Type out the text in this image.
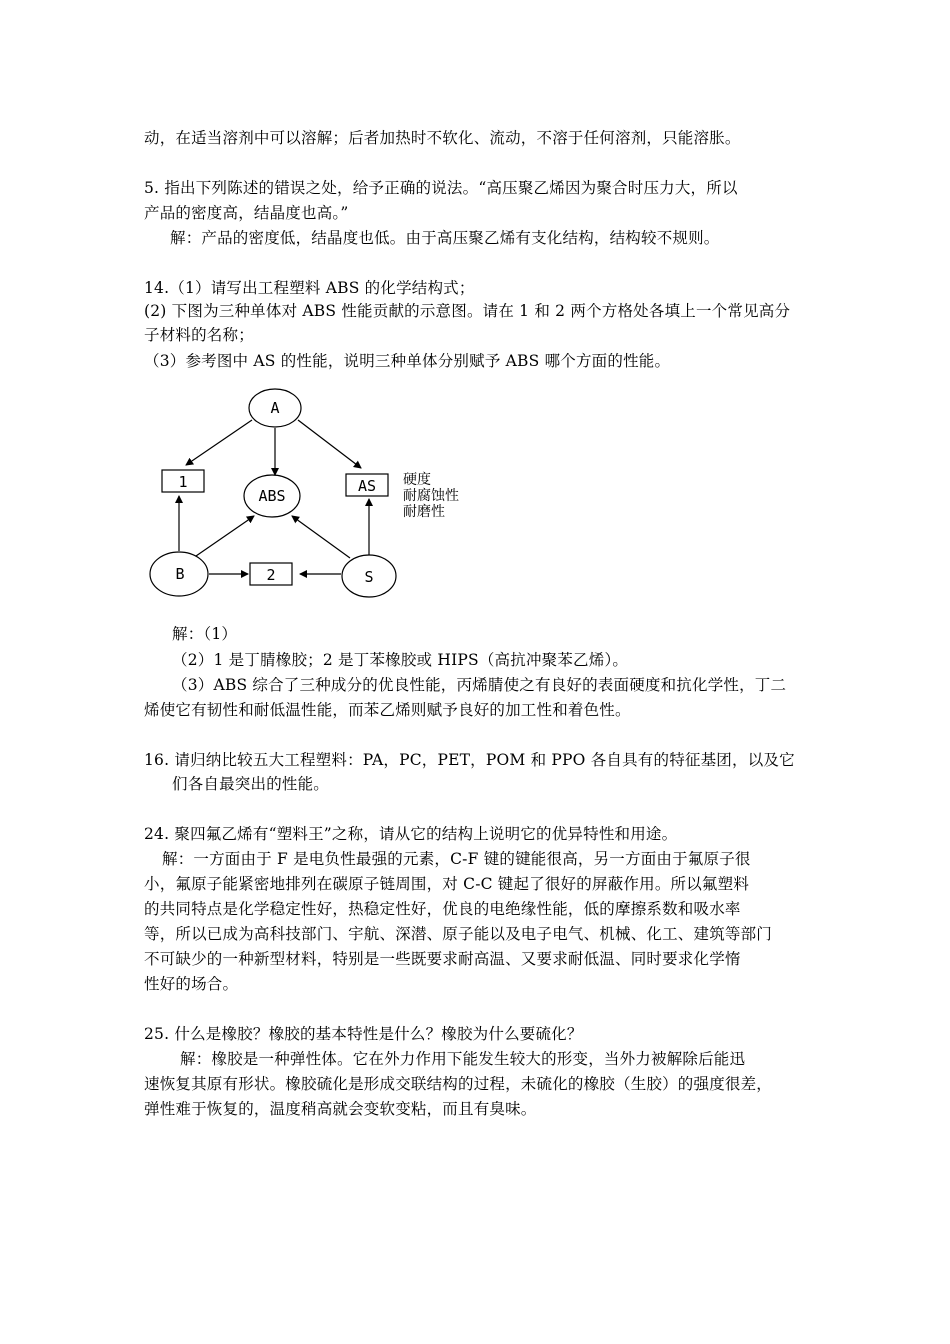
动，在适当溶剂中可以溶解；后者加热时不软化、流动，不溶于任何溶剂，只能溶胀。
5. 指出下列陈述的错误之处，给予正确的说法。“高压聚乙烯因为聚合时压力大，所以
产品的密度高，结晶度也高。”
解：产品的密度低，结晶度也低。由于高压聚乙烯有支化结构，结构较不规则。
14.（1）请写出工程塑料 ABS 的化学结构式；
(2) 下图为三种单体对 ABS 性能贡献的示意图。请在 1 和 2 两个方格处各填上一个常见高分
子材料的名称；
（3）参考图中 AS 的性能，说明三种单体分别赋予 ABS 哪个方面的性能。
A
ABS
B	S
1
2
AS 硬度
耐腐蚀性
耐磨性
解：（1）
（2）1 是丁腈橡胶；2 是丁苯橡胶或 HIPS（高抗冲聚苯乙烯）。
（3）ABS 综合了三种成分的优良性能，丙烯腈使之有良好的表面硬度和抗化学性，丁二
烯使它有韧性和耐低温性能，而苯乙烯则赋予良好的加工性和着色性。
16. 请归纳比较五大工程塑料：PA，PC，PET，POM 和 PPO 各自具有的特征基团，以及它
们各自最突出的性能。
24. 聚四氟乙烯有“塑料王”之称，请从它的结构上说明它的优异特性和用途。
解：一方面由于 F 是电负性最强的元素，C-F 键的键能很高，另一方面由于氟原子很
小，氟原子能紧密地排列在碳原子链周围，对 C-C 键起了很好的屏蔽作用。所以氟塑料
的共同特点是化学稳定性好，热稳定性好，优良的电绝缘性能，低的摩擦系数和吸水率
等，所以已成为高科技部门、宇航、深潜、原子能以及电子电气、机械、化工、建筑等部门
不可缺少的一种新型材料，特别是一些既要求耐高温、又要求耐低温、同时要求化学惰
性好的场合。
25. 什么是橡胶？橡胶的基本特性是什么？橡胶为什么要硫化？
解：橡胶是一种弹性体。它在外力作用下能发生较大的形变，当外力被解除后能迅
速恢复其原有形状。橡胶硫化是形成交联结构的过程，未硫化的橡胶（生胶）的强度很差，
弹性难于恢复的，温度稍高就会变软变粘，而且有臭味。
